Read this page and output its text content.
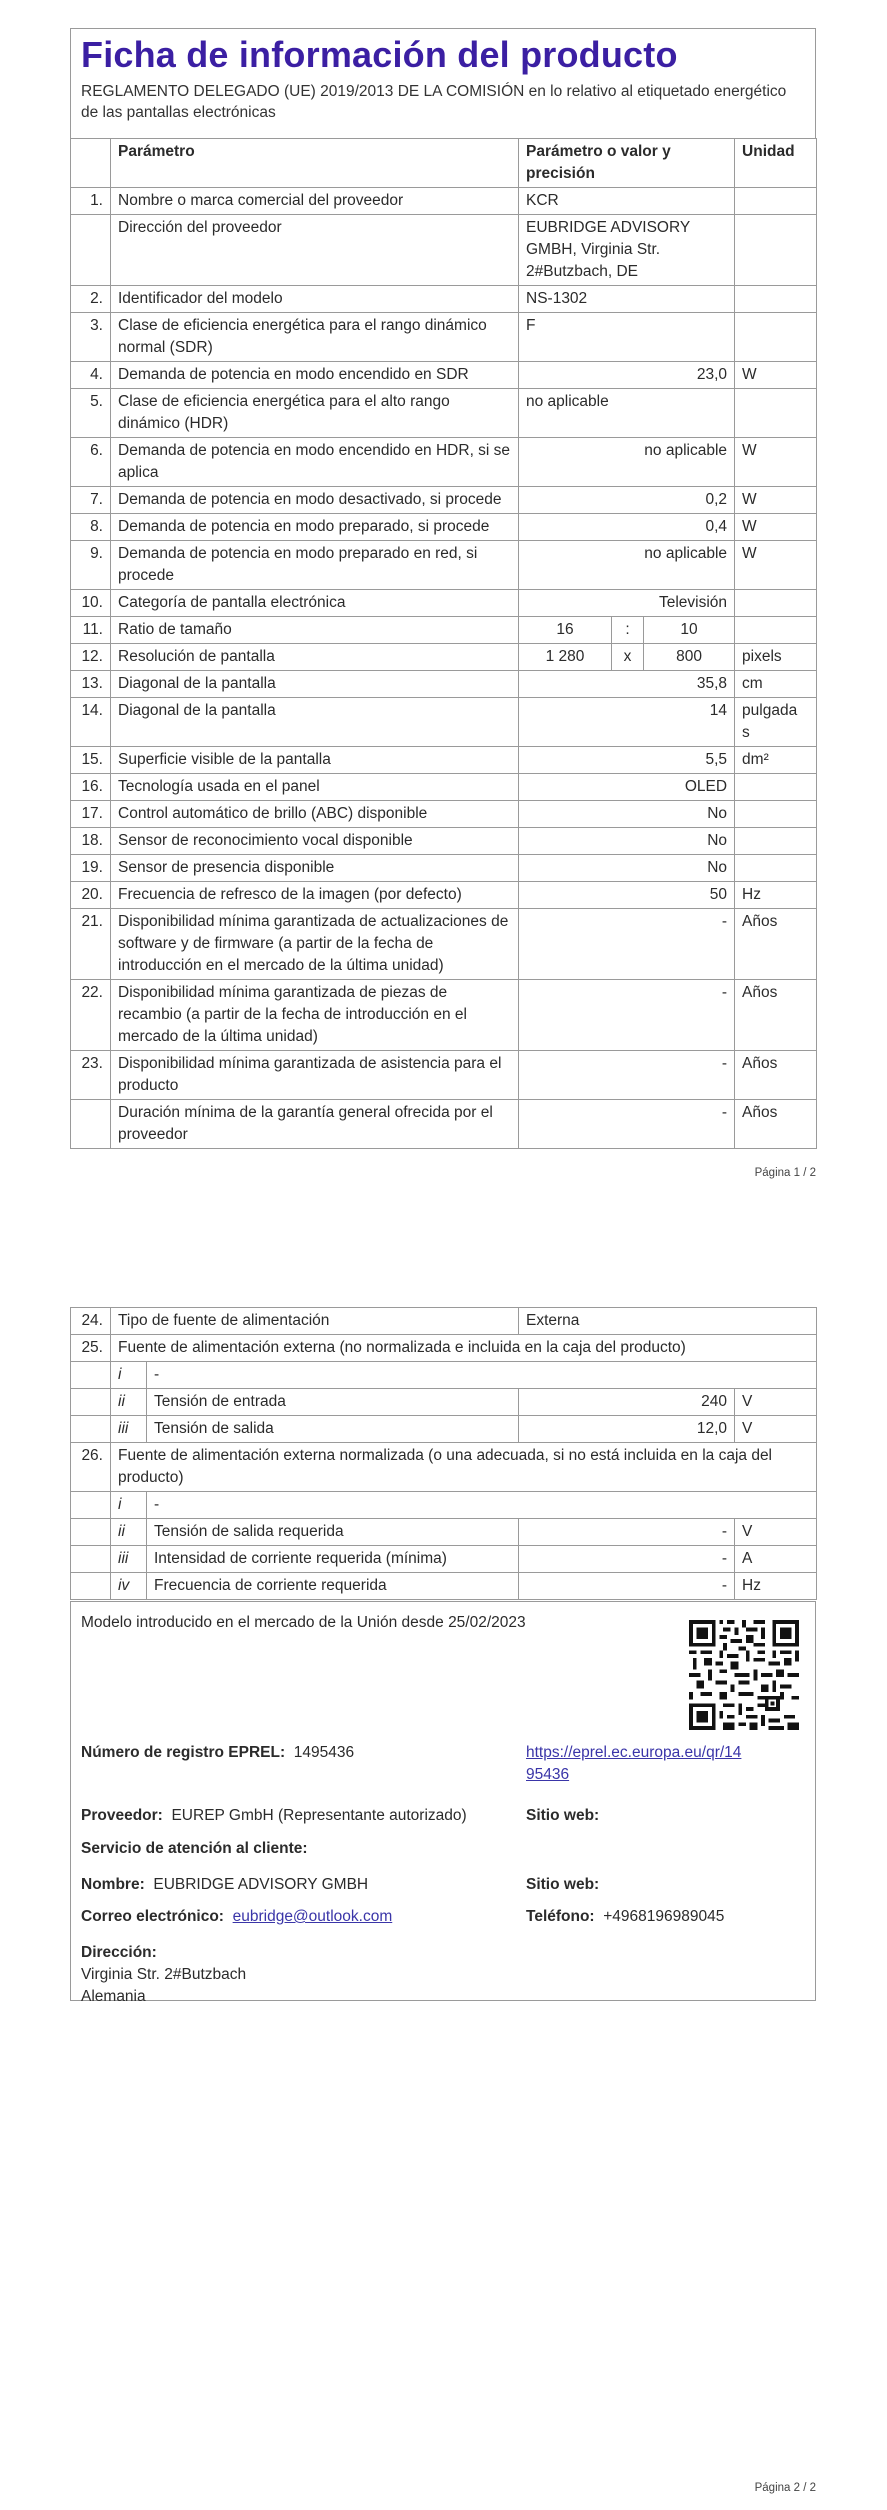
Ficha de información del producto

REGLAMENTO DELEGADO (UE) 2019/2013 DE LA COMISIÓN en lo relativo al etiquetado energético de las pantallas electrónicas

	Parámetro	Parámetro o valor y precisión			Unidad
1.	Nombre o marca comercial del proveedor	KCR			
	Dirección del proveedor	EUBRIDGE ADVISORY GMBH, Virginia Str. 2#Butzbach, DE			
2.	Identificador del modelo	NS-1302			
3.	Clase de eficiencia energética para el rango dinámico normal (SDR)	F			
4.	Demanda de potencia en modo encendido en SDR	23,0			W
5.	Clase de eficiencia energética para el alto rango dinámico (HDR)	no aplicable			
6.	Demanda de potencia en modo encendido en HDR, si se aplica	no aplicable			W
7.	Demanda de potencia en modo desactivado, si procede	0,2			W
8.	Demanda de potencia en modo preparado, si procede	0,4			W
9.	Demanda de potencia en modo preparado en red, si procede	no aplicable			W
10.	Categoría de pantalla electrónica	Televisión			
11.	Ratio de tamaño	16	:	10	
12.	Resolución de pantalla	1 280	x	800	pixels
13.	Diagonal de la pantalla	35,8			cm
14.	Diagonal de la pantalla	14			pulgadas
15.	Superficie visible de la pantalla	5,5			dm²
16.	Tecnología usada en el panel	OLED			
17.	Control automático de brillo (ABC) disponible	No			
18.	Sensor de reconocimiento vocal disponible	No			
19.	Sensor de presencia disponible	No			
20.	Frecuencia de refresco de la imagen (por defecto)	50			Hz
21.	Disponibilidad mínima garantizada de actualizaciones de software y de firmware (a partir de la fecha de introducción en el mercado de la última unidad)	-			Años
22.	Disponibilidad mínima garantizada de piezas de recambio (a partir de la fecha de introducción en el mercado de la última unidad)	-			Años
23.	Disponibilidad mínima garantizada de asistencia para el producto	-			Años
	Duración mínima de la garantía general ofrecida por el proveedor	-			Años
Página 1 / 2
24.	Tipo de fuente de alimentación		Externa	
25.	Fuente de alimentación externa (no normalizada e incluida en la caja del producto)			
	i	-		
	ii	Tensión de entrada	240	V
	iii	Tensión de salida	12,0	V
26.	Fuente de alimentación externa normalizada (o una adecuada, si no está incluida en la caja del producto)			
	i	-		
	ii	Tensión de salida requerida	-	V
	iii	Intensidad de corriente requerida (mínima)	-	A
	iv	Frecuencia de corriente requerida	-	Hz
Modelo introducido en el mercado de la Unión desde 25/02/2023
Número de registro EPREL: 1495436	https://eprel.ec.europa.eu/qr/14
95436
Proveedor: EUREP GmbH (Representante autorizado)	Sitio web:
Servicio de atención al cliente:
Nombre: EUBRIDGE ADVISORY GMBH	Sitio web:
Correo electrónico: eubridge@outlook.com	Teléfono: +4968196989045
Dirección:
Virginia Str. 2#Butzbach
Alemania
Página 2 / 2
